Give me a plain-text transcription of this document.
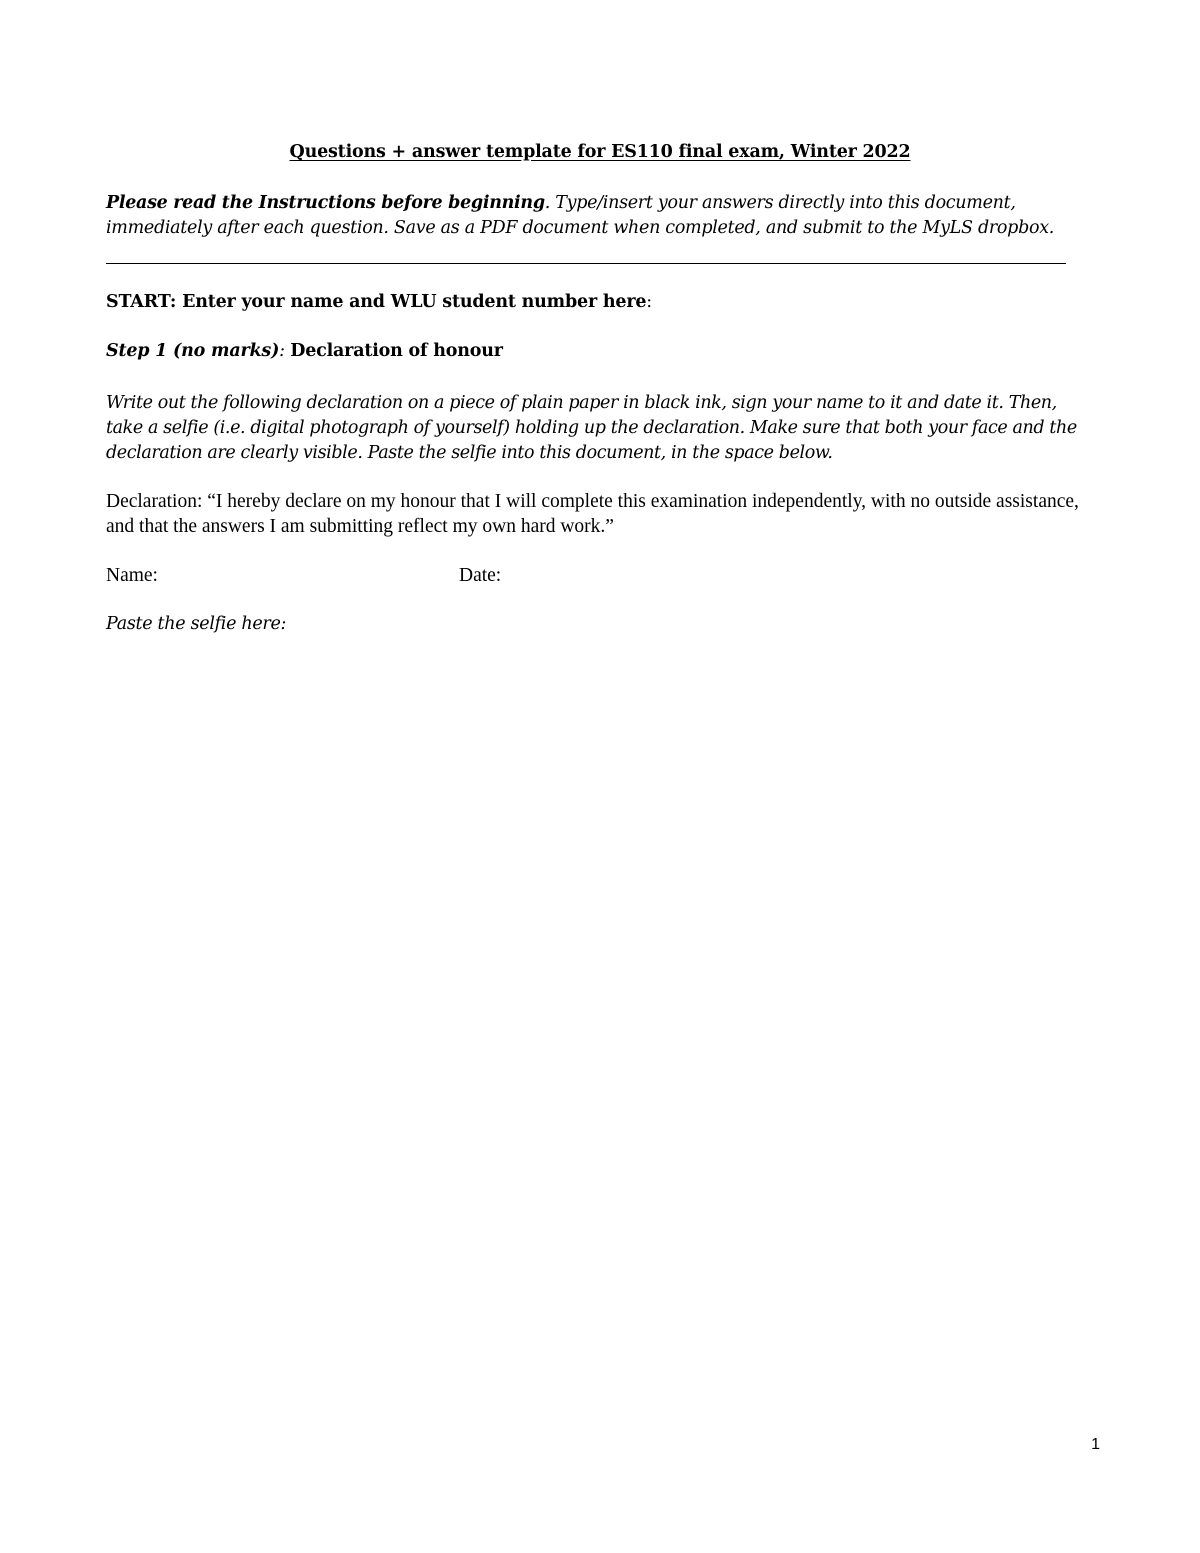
Questions + answer template for ES110 final exam, Winter 2022
Please read the Instructions before beginning. Type/insert your answers directly into this document, immediately after each question. Save as a PDF document when completed, and submit to the MyLS dropbox.
START: Enter your name and WLU student number here:
Step 1 (no marks): Declaration of honour
Write out the following declaration on a piece of plain paper in black ink, sign your name to it and date it. Then, take a selfie (i.e. digital photograph of yourself) holding up the declaration. Make sure that both your face and the declaration are clearly visible. Paste the selfie into this document, in the space below.
Declaration: “I hereby declare on my honour that I will complete this examination independently, with no outside assistance, and that the answers I am submitting reflect my own hard work.”
Name:	Date:
Paste the selfie here:
1
